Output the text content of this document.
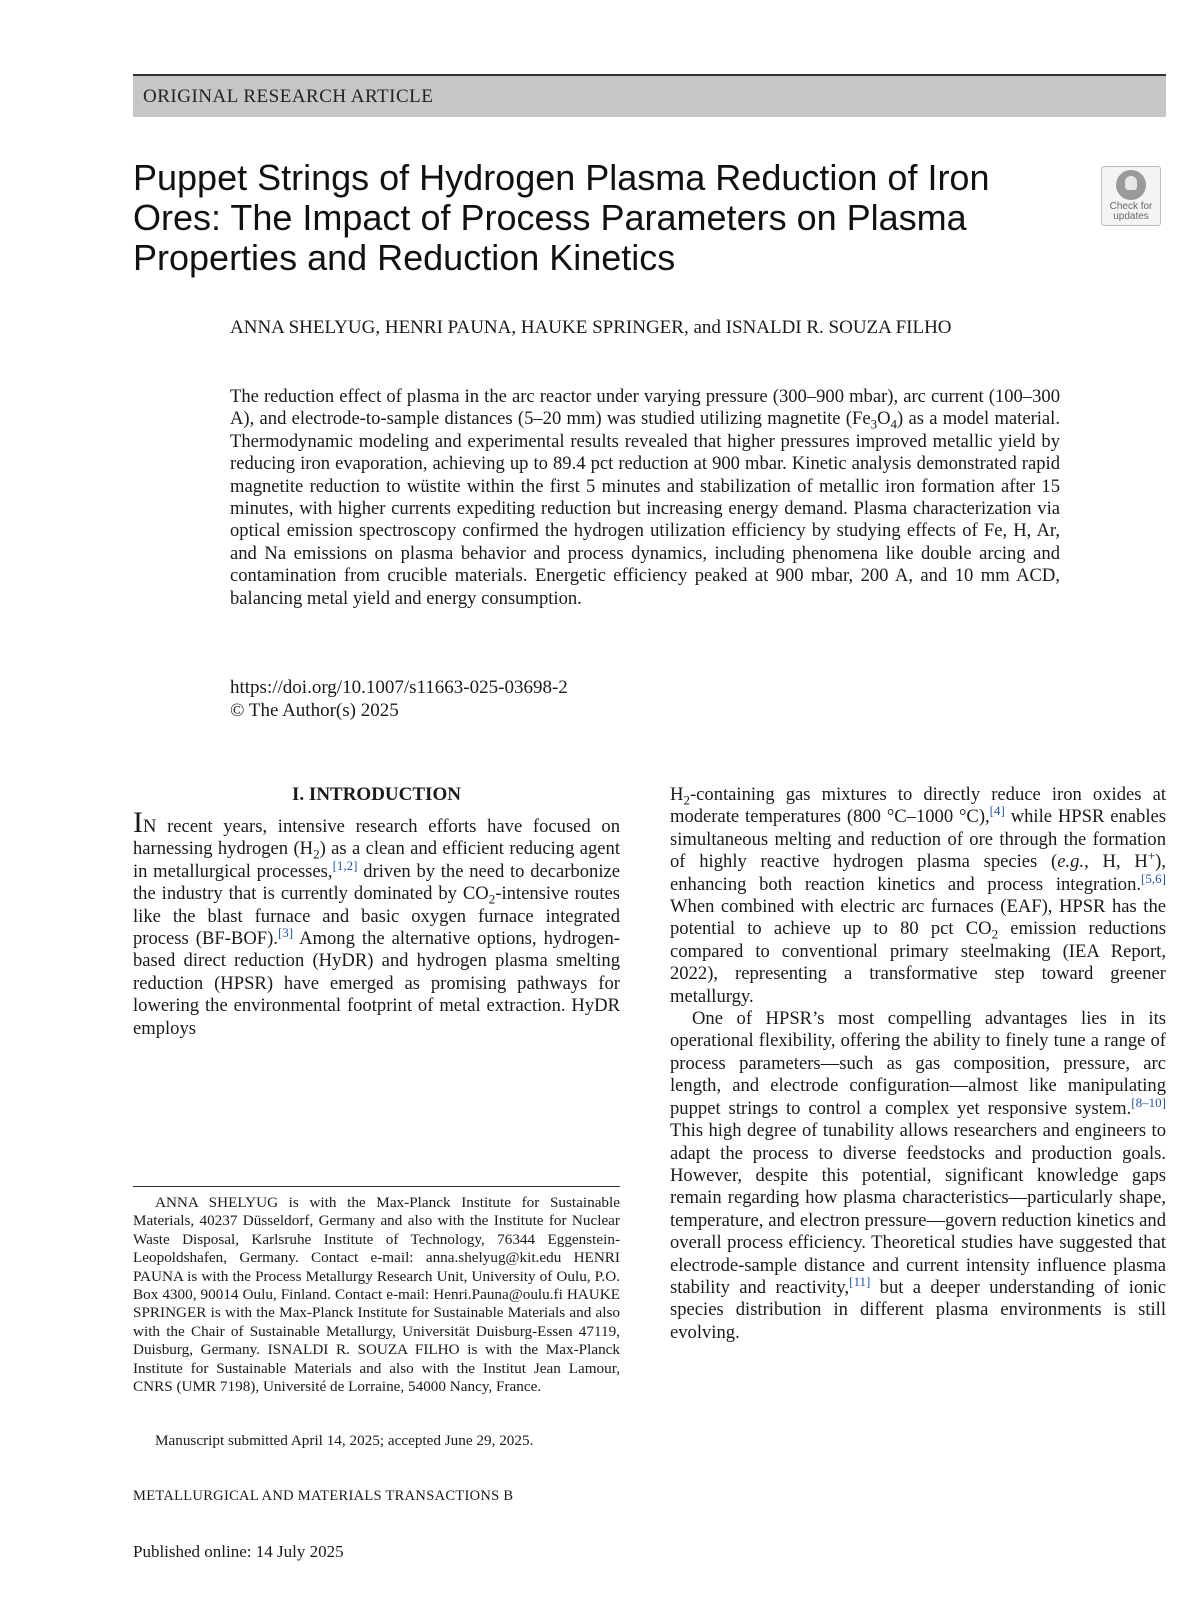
ORIGINAL RESEARCH ARTICLE
Check for updates
Puppet Strings of Hydrogen Plasma Reduction of Iron Ores: The Impact of Process Parameters on Plasma Properties and Reduction Kinetics

ANNA SHELYUG, HENRI PAUNA, HAUKE SPRINGER, and ISNALDI R. SOUZA FILHO

The reduction effect of plasma in the arc reactor under varying pressure (300–900 mbar), arc current (100–300 A), and electrode-to-sample distances (5–20 mm) was studied utilizing magnetite $(Fe_3O_4)$ as a model material. Thermodynamic modeling and experimental results revealed that higher pressures improved metallic yield by reducing iron evaporation, achieving up to 89.4 pct reduction at 900 mbar. Kinetic analysis demonstrated rapid magnetite reduction to wüstite within the first 5 minutes and stabilization of metallic iron formation after 15 minutes, with higher currents expediting reduction but increasing energy demand. Plasma characterization via optical emission spectroscopy confirmed the hydrogen utilization efficiency by studying effects of Fe, H, Ar, and Na emissions on plasma behavior and process dynamics, including phenomena like double arcing and contamination from crucible materials. Energetic efficiency peaked at 900 mbar, 200 A, and 10 mm ACD, balancing metal yield and energy consumption.

https://doi.org/10.1007/s11663-025-03698-2
© The Author(s) 2025
I. INTRODUCTION

IN recent years, intensive research efforts have focused on harnessing hydrogen $(H_2)$ as a clean and efficient reducing agent in metallurgical processes,[1,2] driven by the need to decarbonize the industry that is currently dominated by $CO_2$-intensive routes like the blast furnace and basic oxygen furnace integrated process (BF-BOF).[3] Among the alternative options, hydrogen-based direct reduction (HyDR) and hydrogen plasma smelting reduction (HPSR) have emerged as promising pathways for lowering the environmental footprint of metal extraction. HyDR employs

$H_2$-containing gas mixtures to directly reduce iron oxides at moderate temperatures (800 °C–1000 °C),[4] while HPSR enables simultaneous melting and reduction of ore through the formation of highly reactive hydrogen plasma species (e.g., H, H+), enhancing both reaction kinetics and process integration.[5,6] When combined with electric arc furnaces (EAF), HPSR has the potential to achieve up to 80 pct $CO_2$ emission reductions compared to conventional primary steelmaking (IEA Report, 2022), representing a transformative step toward greener metallurgy.

One of HPSR’s most compelling advantages lies in its operational flexibility, offering the ability to finely tune a range of process parameters—such as gas composition, pressure, arc length, and electrode configuration—almost like manipulating puppet strings to control a complex yet responsive system.[8–10] This high degree of tunability allows researchers and engineers to adapt the process to diverse feedstocks and production goals. However, despite this potential, significant knowledge gaps remain regarding how plasma characteristics—particularly shape, temperature, and electron pressure—govern reduction kinetics and overall process efficiency. Theoretical studies have suggested that electrode-sample distance and current intensity influence plasma stability and reactivity,[11] but a deeper understanding of ionic species distribution in different plasma environments is still evolving.

ANNA SHELYUG is with the Max-Planck Institute for Sustainable Materials, 40237 Düsseldorf, Germany and also with the Institute for Nuclear Waste Disposal, Karlsruhe Institute of Technology, 76344 Eggenstein-Leopoldshafen, Germany. Contact e-mail: anna.shelyug@kit.edu HENRI PAUNA is with the Process Metallurgy Research Unit, University of Oulu, P.O. Box 4300, 90014 Oulu, Finland. Contact e-mail: Henri.Pauna@oulu.fi HAUKE SPRINGER is with the Max-Planck Institute for Sustainable Materials and also with the Chair of Sustainable Metallurgy, Universität Duisburg-Essen 47119, Duisburg, Germany. ISNALDI R. SOUZA FILHO is with the Max-Planck Institute for Sustainable Materials and also with the Institut Jean Lamour, CNRS (UMR 7198), Université de Lorraine, 54000 Nancy, France.

Manuscript submitted April 14, 2025; accepted June 29, 2025.

METALLURGICAL AND MATERIALS TRANSACTIONS B
Published online: 14 July 2025
